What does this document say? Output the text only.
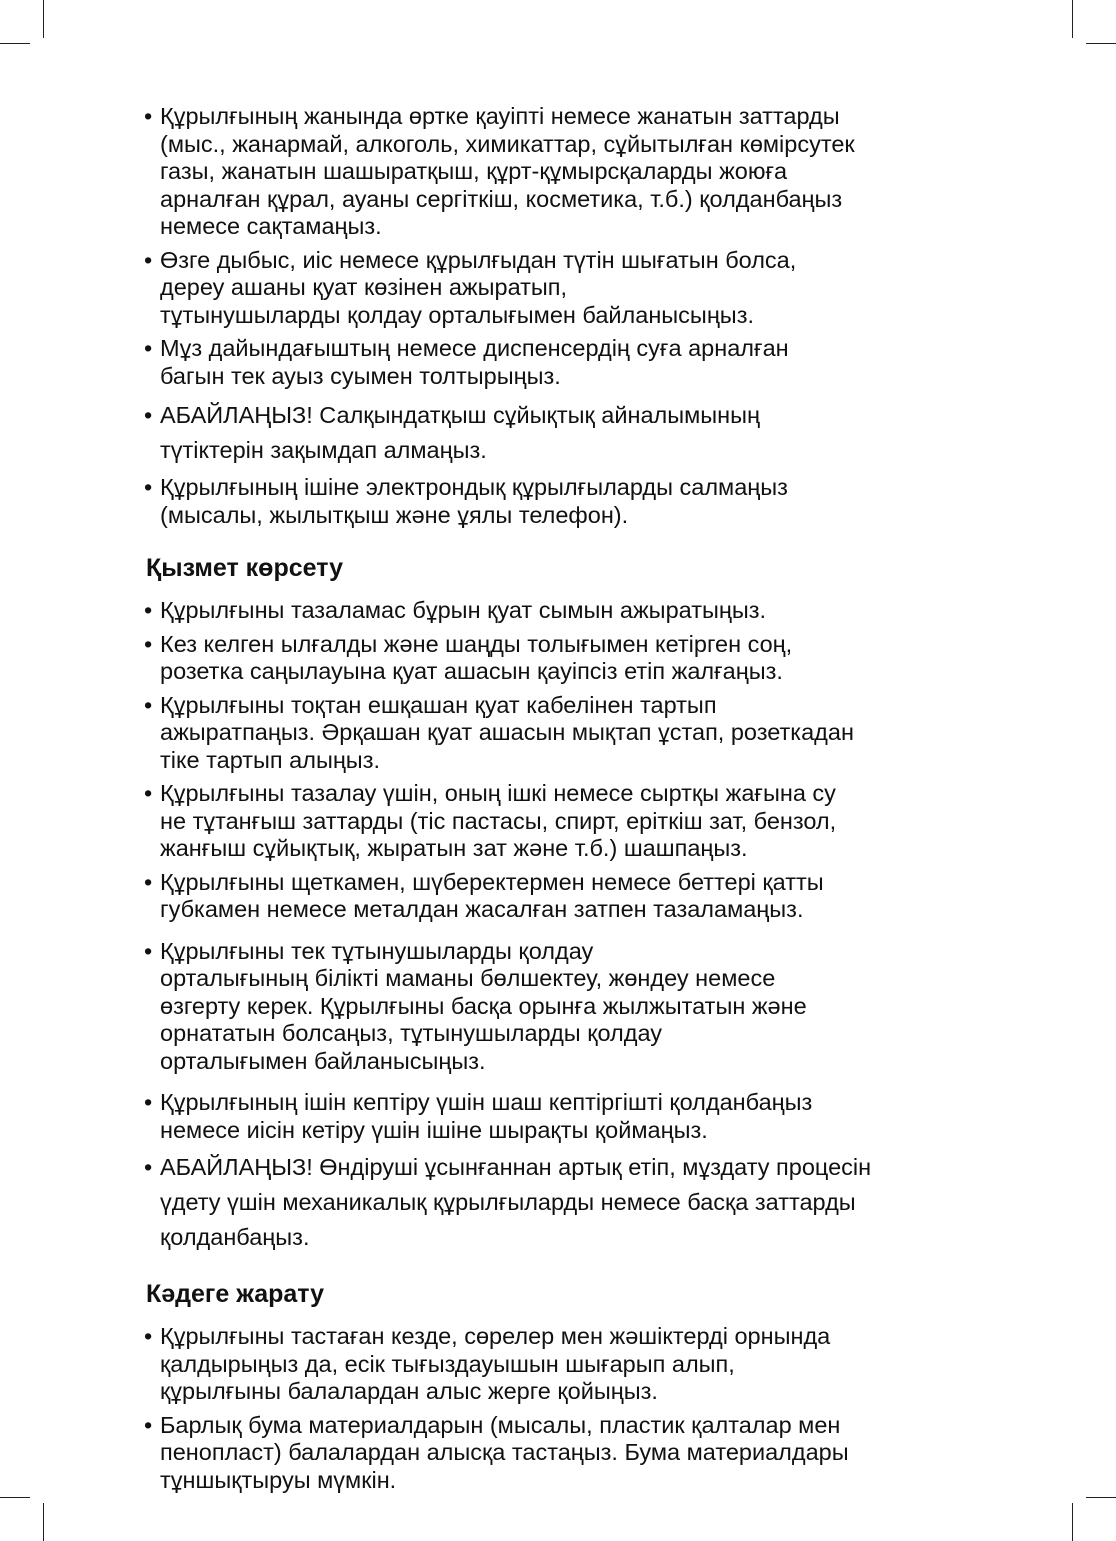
• Құрылғының жанында өртке қауіпті немесе жанатын заттарды
(мыс., жанармай, алкоголь, химикаттар, сұйытылған көмірсутек
газы, жанатын шашыратқыш, құрт-құмырсқаларды жоюға
арналған құрал, ауаны сергіткіш, косметика, т.б.) қолданбаңыз
немесе сақтамаңыз.
• Өзге дыбыс, иіс немесе құрылғыдан түтін шығатын болса,
дереу ашаны қуат көзінен ажыратып,
тұтынушыларды қолдау орталығымен байланысыңыз.
• Мұз дайындағыштың немесе диспенсердің суға арналған
багын тек ауыз суымен толтырыңыз.
• АБАЙЛАҢЫЗ! Салқындатқыш сұйықтық айналымының
түтіктерін зақымдап алмаңыз.
• Құрылғының ішіне электрондық құрылғыларды салмаңыз
(мысалы, жылытқыш және ұялы телефон).
Қызмет көрсету
• Құрылғыны тазаламас бұрын қуат сымын ажыратыңыз.
• Кез келген ылғалды және шаңды толығымен кетірген соң,
розетка саңылауына қуат ашасын қауіпсіз етіп жалғаңыз.
• Құрылғыны тоқтан ешқашан қуат кабелінен тартып
ажыратпаңыз. Әрқашан қуат ашасын мықтап ұстап, розеткадан
тіке тартып алыңыз.
• Құрылғыны тазалау үшін, оның ішкі немесе сыртқы жағына су
не тұтанғыш заттарды (тіс пастасы, спирт, еріткіш зат, бензол,
жанғыш сұйықтық, жыратын зат және т.б.) шашпаңыз.
• Құрылғыны щеткамен, шүберектермен немесе беттері қатты
губкамен немесе металдан жасалған затпен тазаламаңыз.
• Құрылғыны тек тұтынушыларды қолдау
орталығының білікті маманы бөлшектеу, жөндеу немесе
өзгерту керек. Құрылғыны басқа орынға жылжытатын және
орнататын болсаңыз, тұтынушыларды қолдау
орталығымен байланысыңыз.
• Құрылғының ішін кептіру үшін шаш кептіргішті қолданбаңыз
немесе иісін кетіру үшін ішіне шырақты қоймаңыз.
• АБАЙЛАҢЫЗ! Өндіруші ұсынғаннан артық етіп, мұздату процесін
үдету үшін механикалық құрылғыларды немесе басқа заттарды
қолданбаңыз.
Кәдеге жарату
• Құрылғыны тастаған кезде, сөрелер мен жәшіктерді орнында
қалдырыңыз да, есік тығыздауышын шығарып алып,
құрылғыны балалардан алыс жерге қойыңыз.
• Барлық бума материалдарын (мысалы, пластик қалталар мен
пенопласт) балалардан алысқа тастаңыз. Бума материалдары
тұншықтыруы мүмкін.
